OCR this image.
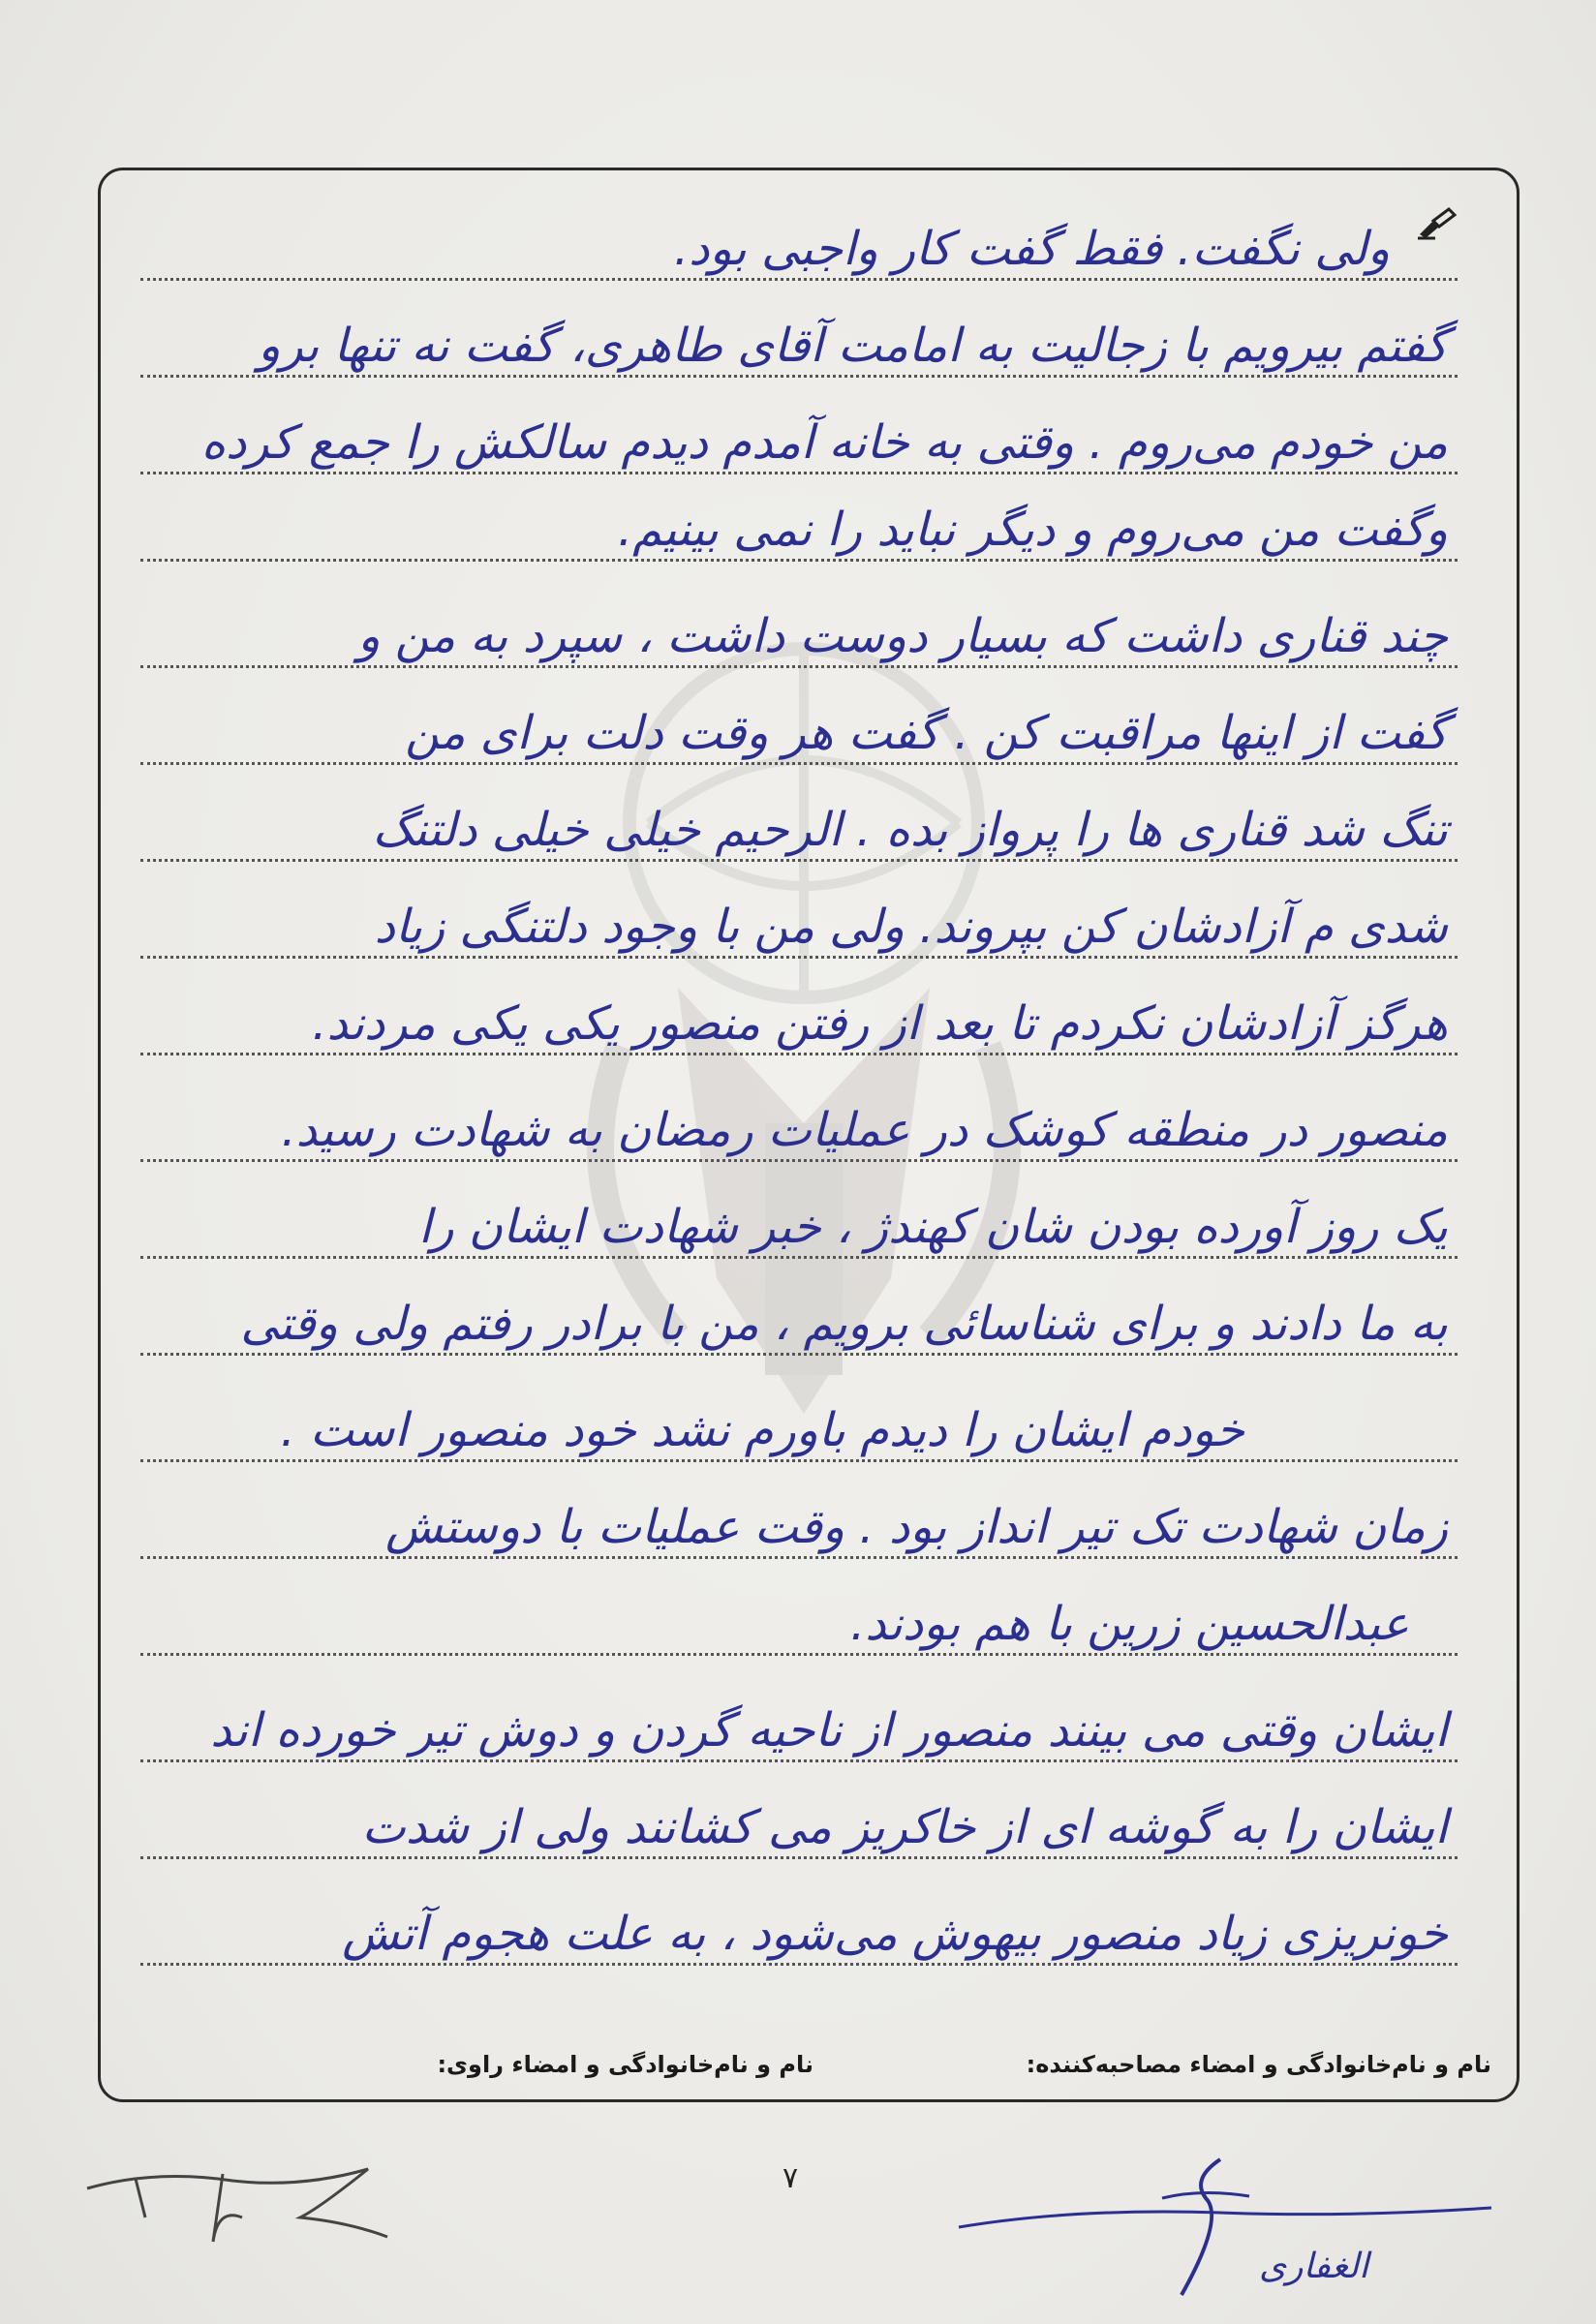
ولی نگفت. فقط گفت کار واجبی بود.
گفتم بیرویم با زجالیت به امامت آقای طاهری، گفت نه تنها برو
من خودم می‌روم . وقتی به خانه آمدم دیدم سالکش را جمع کرده
وگفت من می‌روم و دیگر نباید را نمی بینیم.
چند قناری داشت که بسیار دوست داشت ، سپرد به من و
گفت از اینها مراقبت کن . گفت هر وقت دلت برای من
تنگ شد قناری ها را پرواز بده . الرحیم خیلی خیلی دلتنگ
شدی م آزادشان کن بپروند. ولی من با وجود دلتنگی زیاد
هرگز آزادشان نکردم تا بعد از رفتن منصور یکی یکی مردند.
منصور در منطقه کوشک در عملیات رمضان به شهادت رسید.
یک روز آورده بودن شان کهندژ ، خبر شهادت ایشان را
به ما دادند و برای شناسائی برویم ، من با برادر رفتم ولی وقتی
خودم ایشان را دیدم باورم نشد خود منصور است .
زمان شهادت تک تیر انداز بود . وقت عملیات با دوستش
عبدالحسین زرین با هم بودند.
ایشان وقتی می بینند منصور از ناحیه گردن و دوش تیر خورده اند
ایشان را به گوشه ای از خاکریز می کشانند ولی از شدت
خونریزی زیاد منصور بیهوش می‌شود ، به علت هجوم آتش
نام و نام‌خانوادگی و امضاء مصاحبه‌کننده:
نام و نام‌خانوادگی و امضاء راوی:
۷
الغفاری
